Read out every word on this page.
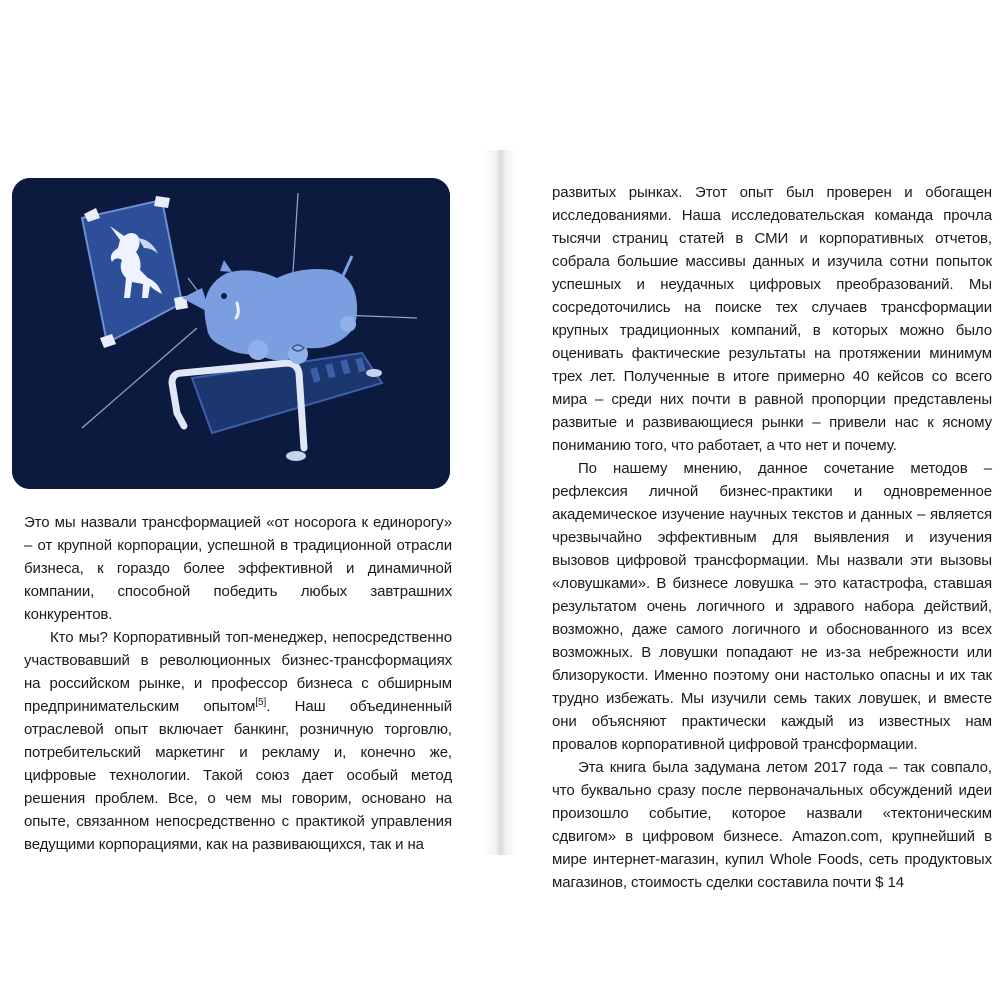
Это мы назвали трансформацией «от носорога к единорогу» – от крупной корпорации, успешной в традиционной отрасли бизнеса, к гораздо более эффективной и динамичной компании, способной победить любых завтрашних конкурентов.

Кто мы? Корпоративный топ-менеджер, непосредственно участвовавший в революционных бизнес-трансформациях на российском рынке, и профессор бизнеса с обширным предпринимательским опытом[5]. Наш объединенный отраслевой опыт включает банкинг, розничную торговлю, потребительский маркетинг и рекламу и, конечно же, цифровые технологии. Такой союз дает особый метод решения проблем. Все, о чем мы говорим, основано на опыте, связанном непосредственно с практикой управления ведущими корпорациями, как на развивающихся, так и на

развитых рынках. Этот опыт был проверен и обогащен исследованиями. Наша исследовательская команда прочла тысячи страниц статей в СМИ и корпоративных отчетов, собрала большие массивы данных и изучила сотни попыток успешных и неудачных цифровых преобразований. Мы сосредоточились на поиске тех случаев трансформации крупных традиционных компаний, в которых можно было оценивать фактические результаты на протяжении минимум трех лет. Полученные в итоге примерно 40 кейсов со всего мира – среди них почти в равной пропорции представлены развитые и развивающиеся рынки – привели нас к ясному пониманию того, что работает, а что нет и почему.

По нашему мнению, данное сочетание методов – рефлексия личной бизнес-практики и одновременное академическое изучение научных текстов и данных – является чрезвычайно эффективным для выявления и изучения вызовов цифровой трансформации. Мы назвали эти вызовы «ловушками». В бизнесе ловушка – это катастрофа, ставшая результатом очень логичного и здравого набора действий, возможно, даже самого логичного и обоснованного из всех возможных. В ловушки попадают не из-за небрежности или близорукости. Именно поэтому они настолько опасны и их так трудно избежать. Мы изучили семь таких ловушек, и вместе они объясняют практически каждый из известных нам провалов корпоративной цифровой трансформации.

Эта книга была задумана летом 2017 года – так совпало, что буквально сразу после первоначальных обсуждений идеи произошло событие, которое назвали «тектоническим сдвигом» в цифровом бизнесе. Amazon.com, крупнейший в мире интернет-магазин, купил Whole Foods, сеть продуктовых магазинов, стоимость сделки составила почти $ 14
